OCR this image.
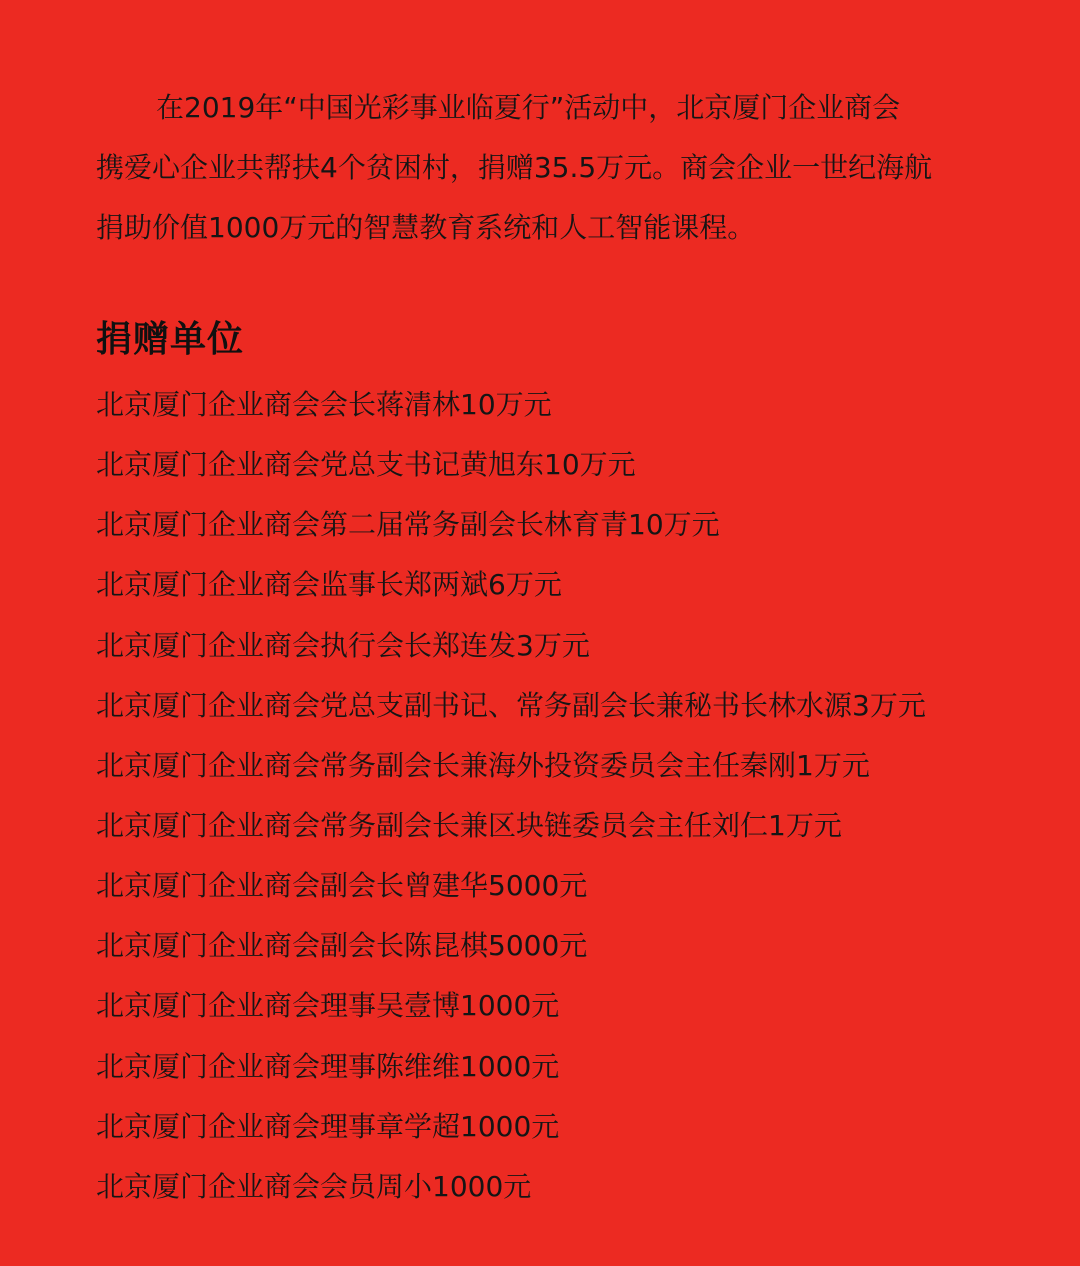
在2019年“中国光彩事业临夏行”活动中，北京厦门企业商会
携爱心企业共帮扶4个贫困村，捐赠35.5万元。商会企业一世纪海航
捐助价值1000万元的智慧教育系统和人工智能课程。
捐赠单位
北京厦门企业商会会长蒋清林10万元
北京厦门企业商会党总支书记黄旭东10万元
北京厦门企业商会第二届常务副会长林育青10万元
北京厦门企业商会监事长郑两斌6万元
北京厦门企业商会执行会长郑连发3万元
北京厦门企业商会党总支副书记、常务副会长兼秘书长林水源3万元
北京厦门企业商会常务副会长兼海外投资委员会主任秦刚1万元
北京厦门企业商会常务副会长兼区块链委员会主任刘仁1万元
北京厦门企业商会副会长曾建华5000元
北京厦门企业商会副会长陈昆棋5000元
北京厦门企业商会理事吴壹博1000元
北京厦门企业商会理事陈维维1000元
北京厦门企业商会理事章学超1000元
北京厦门企业商会会员周小1000元
